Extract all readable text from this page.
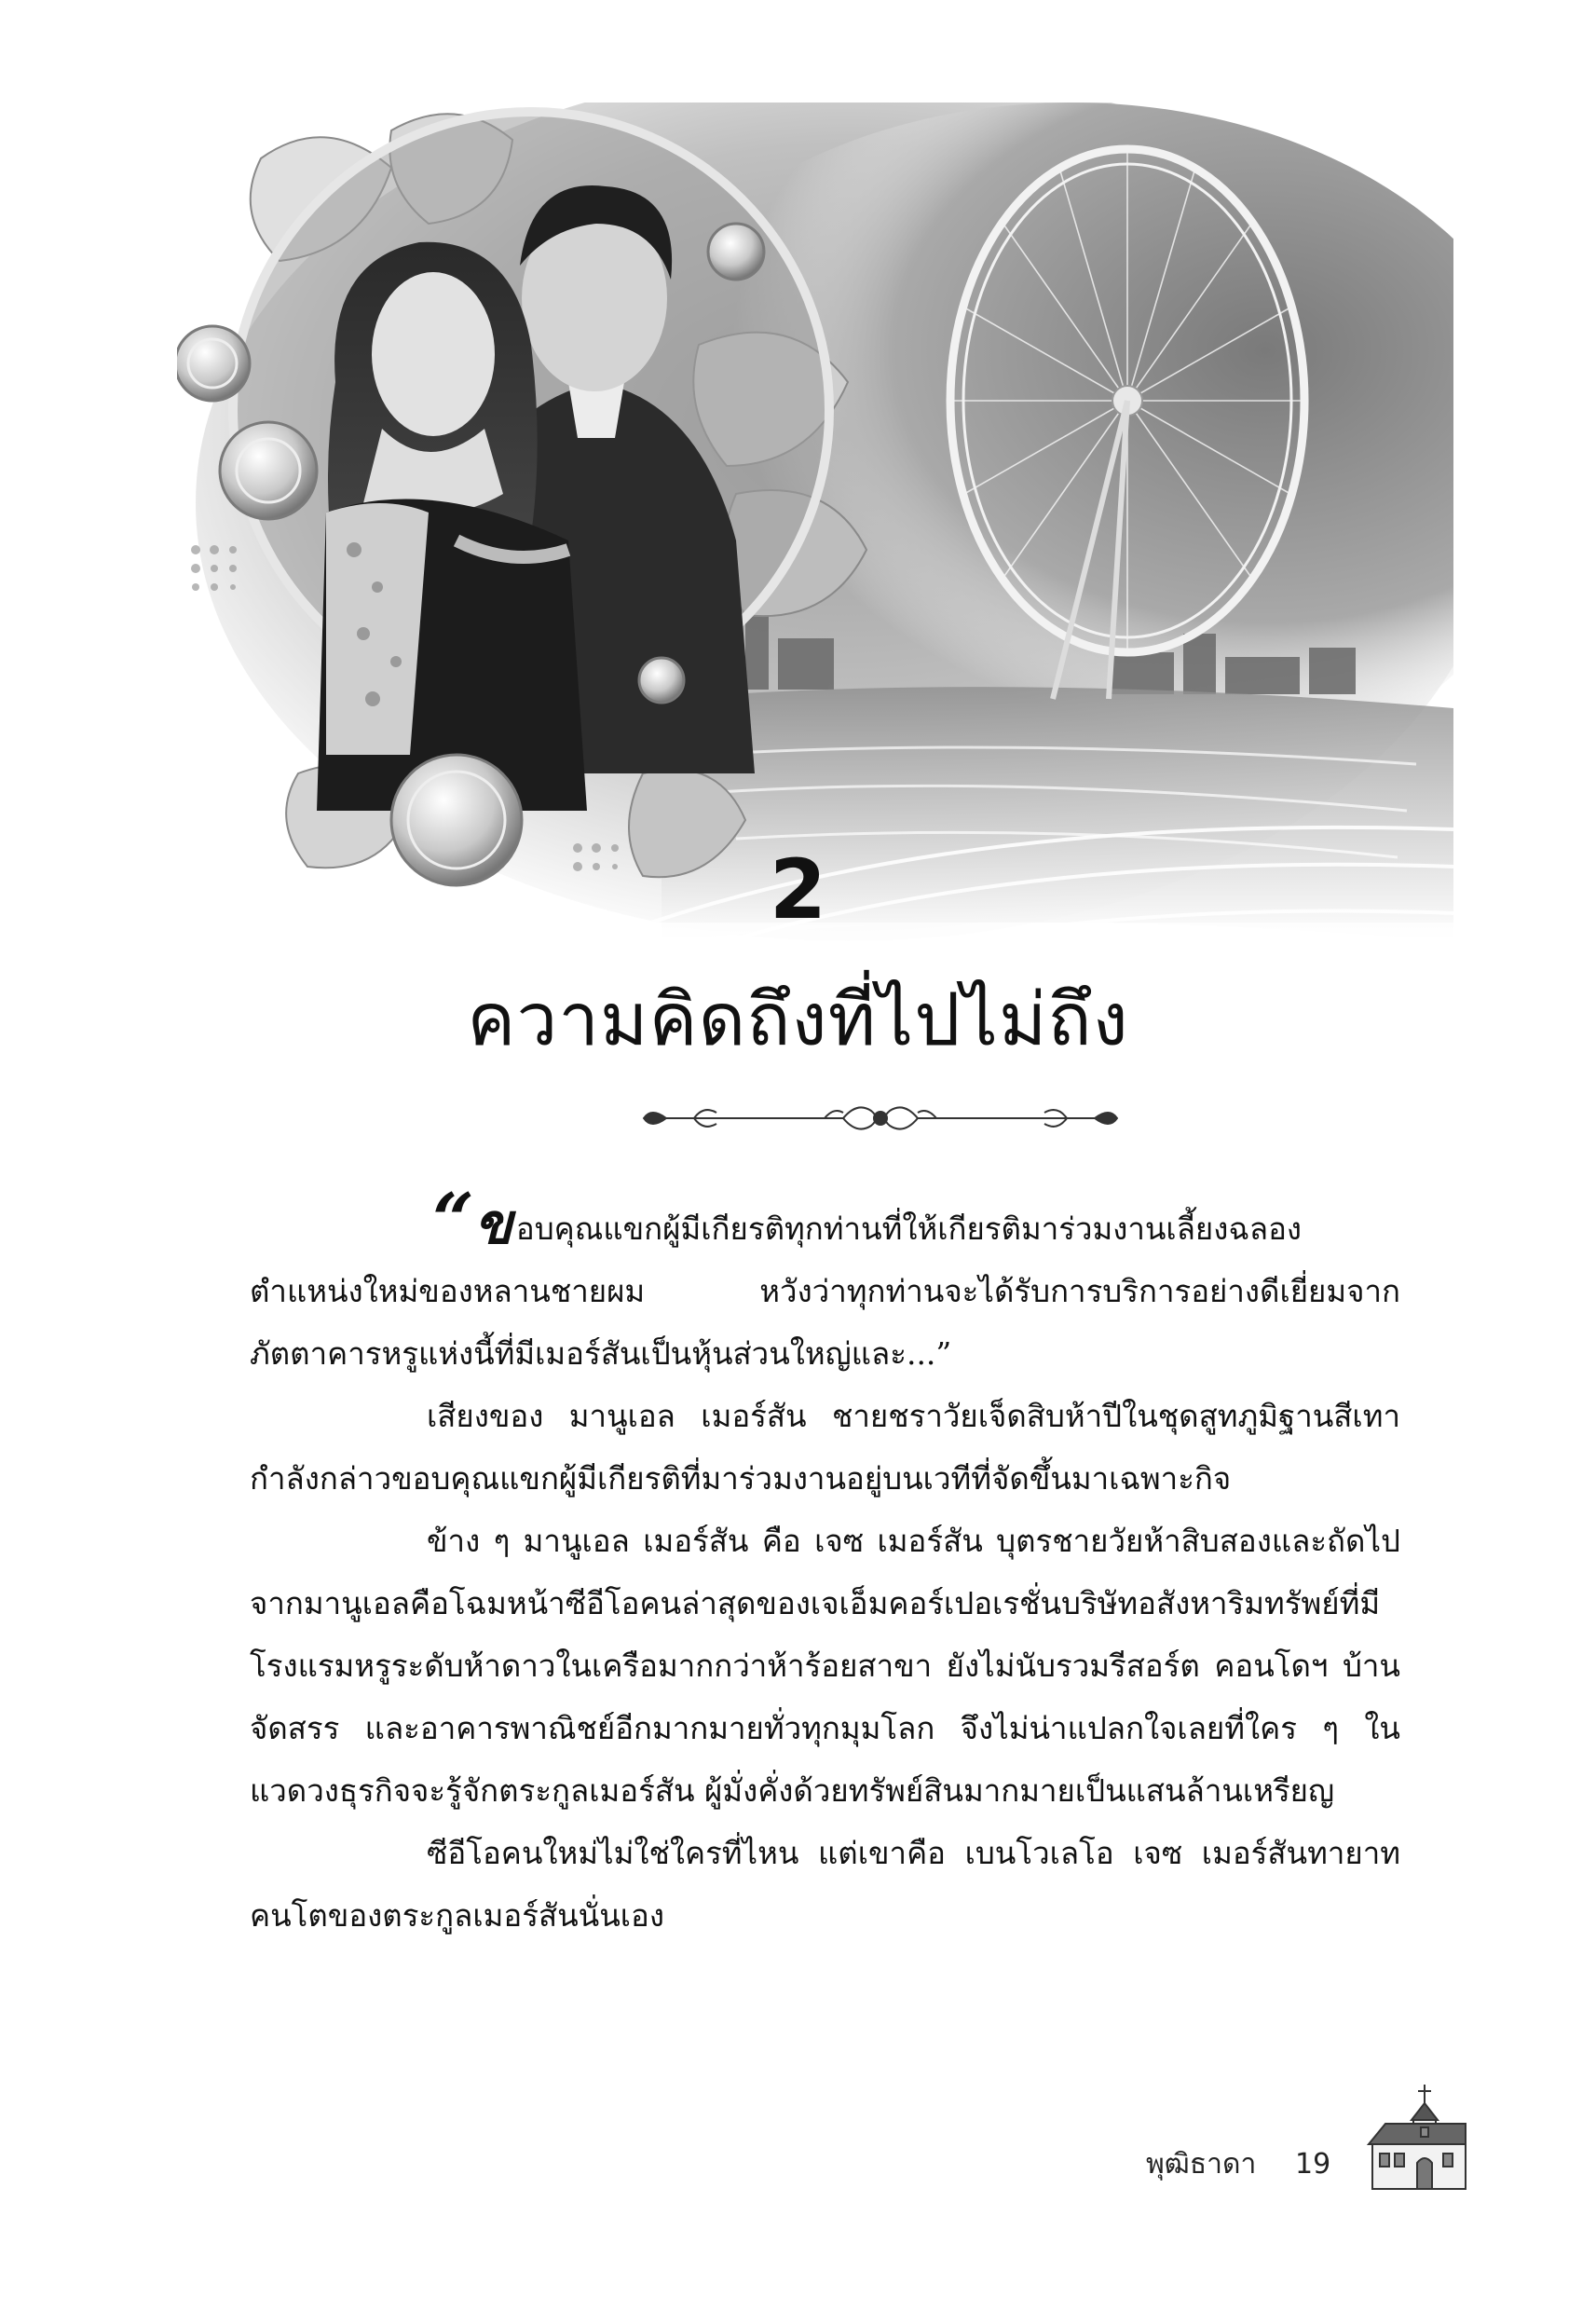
2
ความคิดถึงที่ไปไม่ถึง

“ข อบคุณแขกผู้มีเกียรติทุกท่านที่ให้เกียรติมาร่วมงานเลี้ยงฉลองตำแหน่งใหม่ของหลานชายผม หวังว่าทุกท่านจะได้รับการบริการอย่างดีเยี่ยมจากภัตตาคารหรูแห่งนี้ที่มีเมอร์สันเป็นหุ้นส่วนใหญ่และ...”

เสียงของ มานูเอล เมอร์สัน ชายชราวัยเจ็ดสิบห้าปีในชุดสูทภูมิฐานสีเทากำลังกล่าวขอบคุณแขกผู้มีเกียรติที่มาร่วมงานอยู่บนเวทีที่จัดขึ้นมาเฉพาะกิจ

ข้าง ๆ มานูเอล เมอร์สัน คือ เจซ เมอร์สัน บุตรชายวัยห้าสิบสองและถัดไปจากมานูเอลคือโฉมหน้าซีอีโอคนล่าสุดของเจเอ็มคอร์เปอเรชั่นบริษัทอสังหาริมทรัพย์ที่มีโรงแรมหรูระดับห้าดาวในเครือมากกว่าห้าร้อยสาขา ยังไม่นับรวมรีสอร์ต คอนโดฯ บ้านจัดสรร และอาคารพาณิชย์อีกมากมายทั่วทุกมุมโลก จึงไม่น่าแปลกใจเลยที่ใคร ๆ ในแวดวงธุรกิจจะรู้จักตระกูลเมอร์สัน ผู้มั่งคั่งด้วยทรัพย์สินมากมายเป็นแสนล้านเหรียญ

ซีอีโอคนใหม่ไม่ใช่ใครที่ไหน แต่เขาคือ เบนโวเลโอ เจซ เมอร์สันทายาทคนโตของตระกูลเมอร์สันนั่นเอง

พุฒิธาดา 19
